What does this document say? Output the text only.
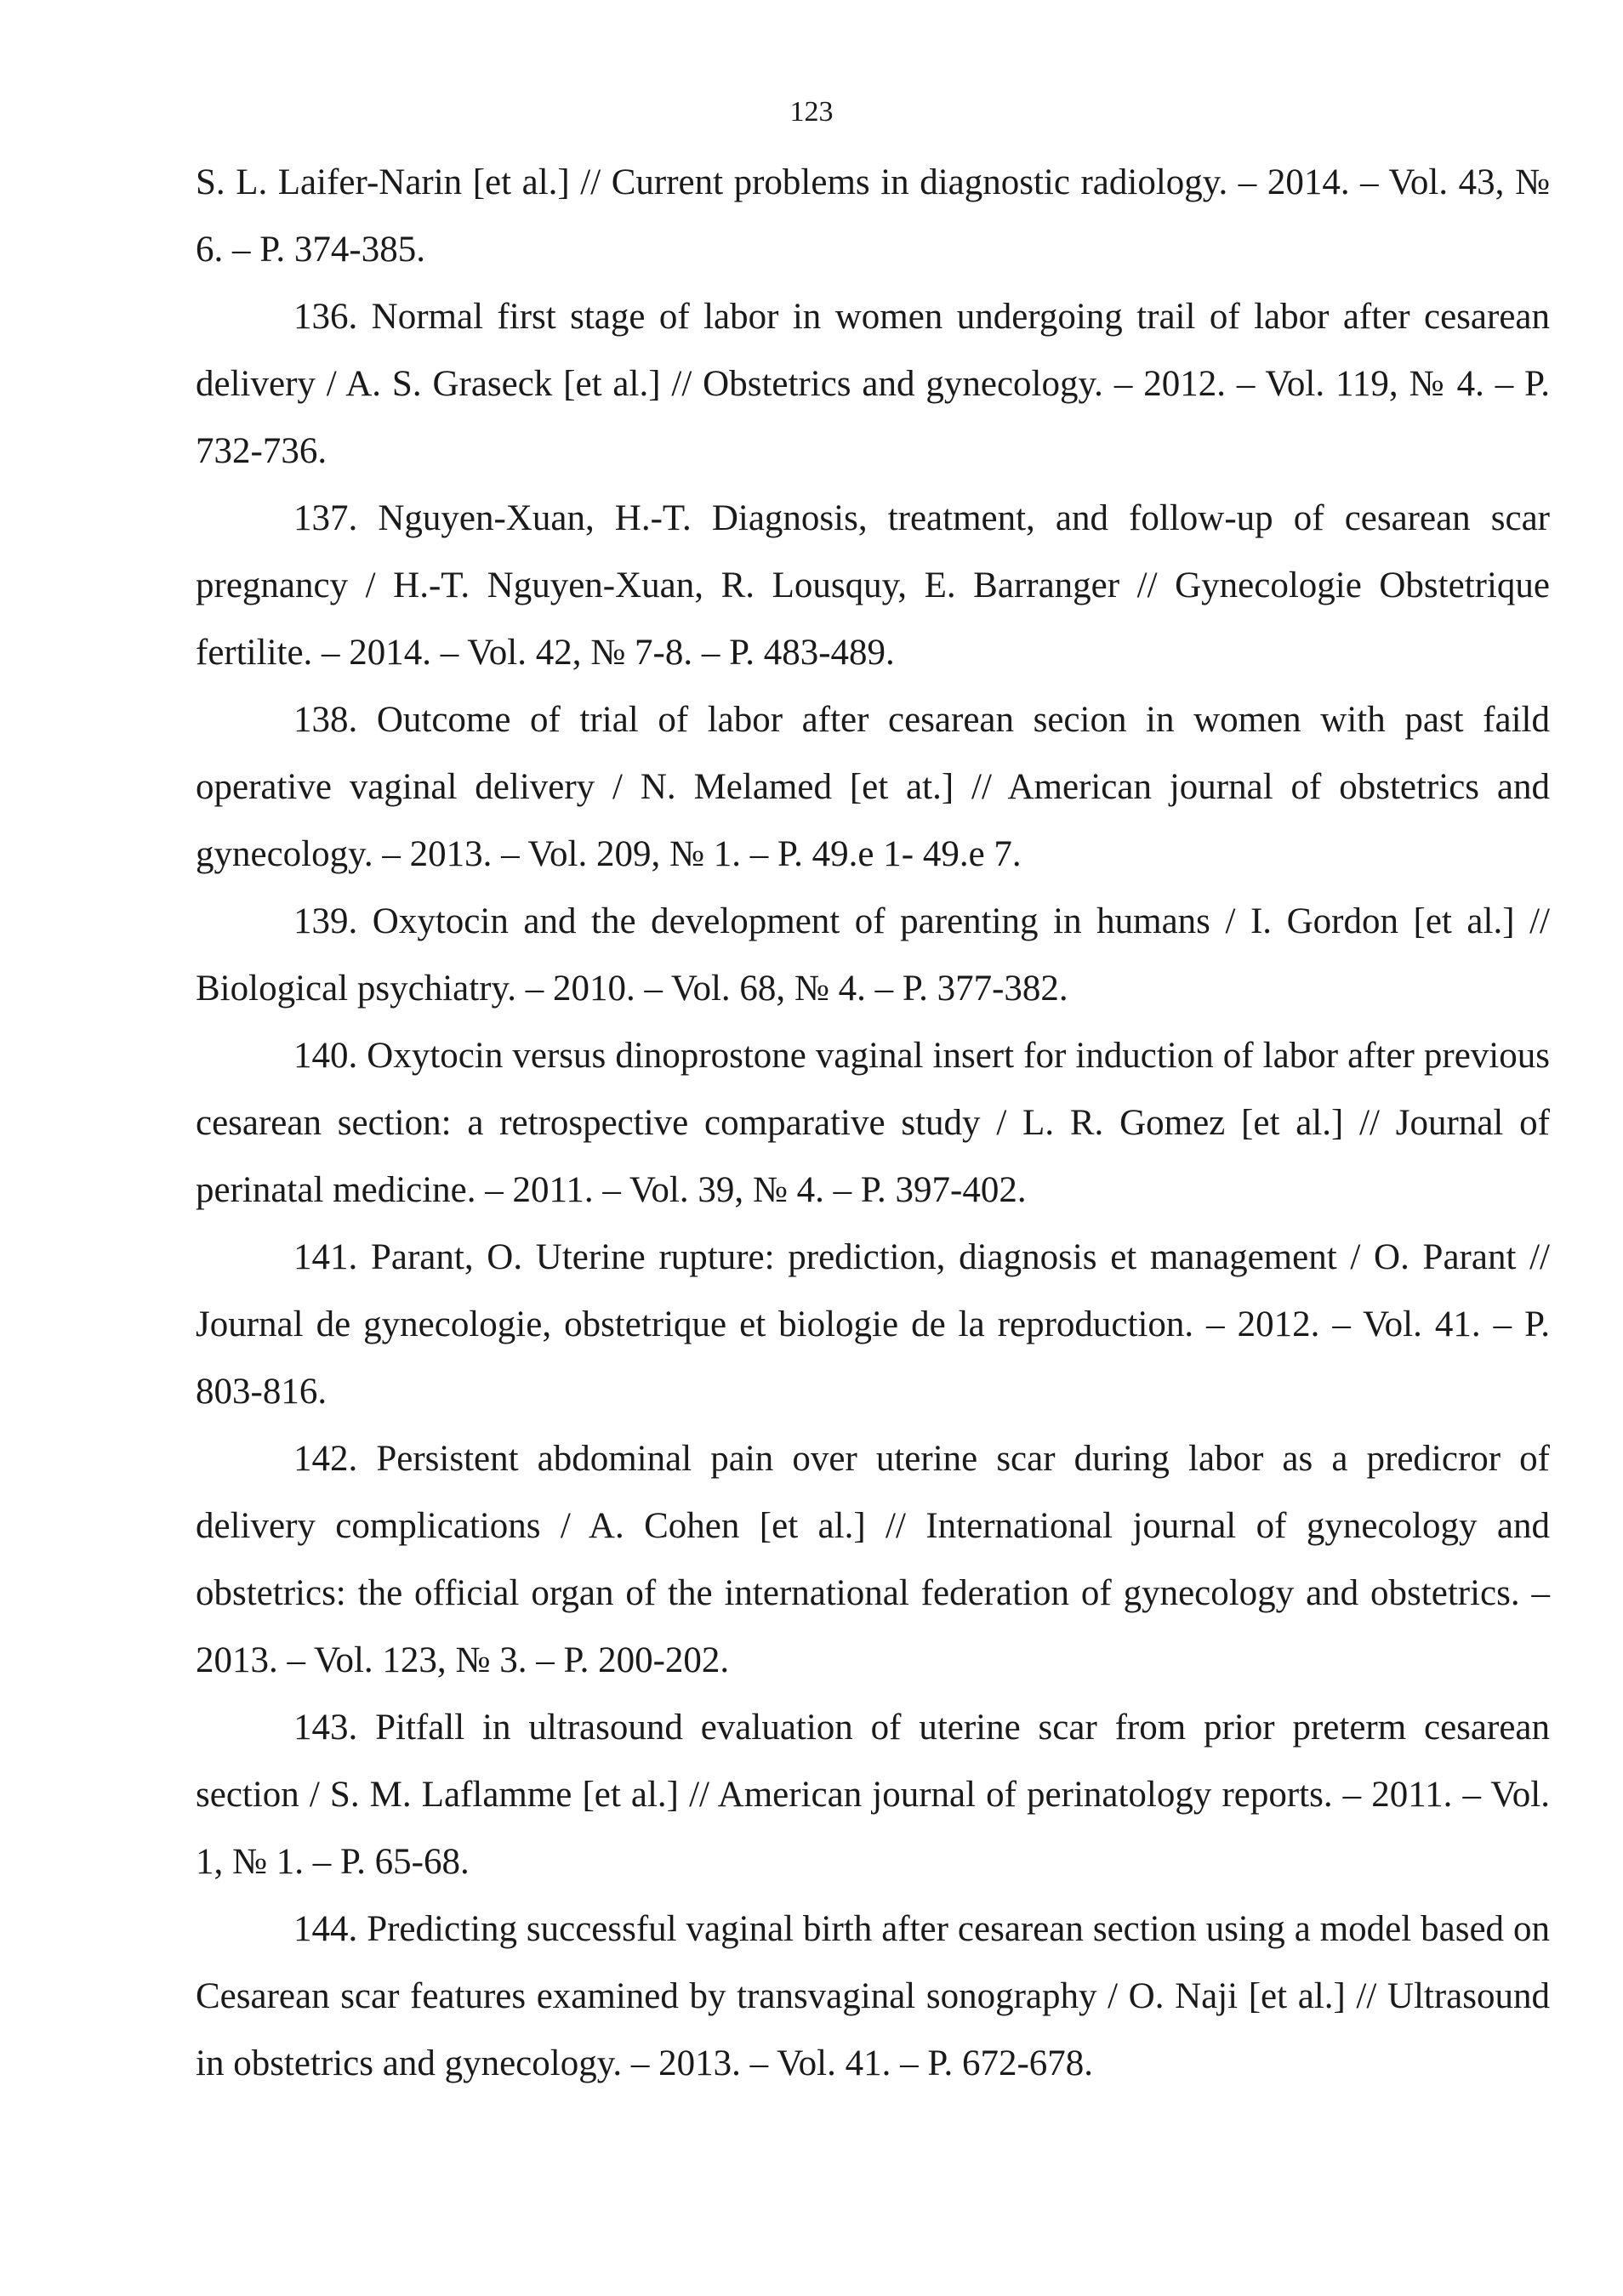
123

S. L. Laifer-Narin [et al.] // Current problems in diagnostic radiology. – 2014. – Vol. 43, № 6. – P. 374-385.

136. Normal first stage of labor in women undergoing trail of labor after cesarean delivery / A. S. Graseck [et al.] // Obstetrics and gynecology. – 2012. – Vol. 119, № 4. – P. 732-736.

137. Nguyen-Xuan, H.-T. Diagnosis, treatment, and follow-up of cesarean scar pregnancy / H.-T. Nguyen-Xuan, R. Lousquy, E. Barranger // Gynecologie Obstetrique fertilite. – 2014. – Vol. 42, № 7-8. – P. 483-489.

138. Outcome of trial of labor after cesarean secion in women with past faild operative vaginal delivery / N. Melamed [et at.] // American journal of obstetrics and gynecology. – 2013. – Vol. 209, № 1. – P. 49.e 1- 49.e 7.

139. Oxytocin and the development of parenting in humans / I. Gordon [et al.] // Biological psychiatry. – 2010. – Vol. 68, № 4. – P. 377-382.

140. Oxytocin versus dinoprostone vaginal insert for induction of labor after previous cesarean section: a retrospective comparative study / L. R. Gomez [et al.] // Journal of perinatal medicine. – 2011. – Vol. 39, № 4. – P. 397-402.

141. Parant, O. Uterine rupture: prediction, diagnosis et management / O. Parant // Journal de gynecologie, obstetrique et biologie de la reproduction. – 2012. – Vol. 41. – P. 803-816.

142. Persistent abdominal pain over uterine scar during labor as a predicror of delivery complications / A. Cohen [et al.] // International journal of gynecology and obstetrics: the official organ of the international federation of gynecology and obstetrics. – 2013. – Vol. 123, № 3. – P. 200-202.

143. Pitfall in ultrasound evaluation of uterine scar from prior preterm cesarean section / S. M. Laflamme [et al.] // American journal of perinatology reports. – 2011. – Vol. 1, № 1. – P. 65-68.

144. Predicting successful vaginal birth after cesarean section using a model based on Cesarean scar features examined by transvaginal sonography / O. Naji [et al.] // Ultrasound in obstetrics and gynecology. – 2013. – Vol. 41. – P. 672-678.
